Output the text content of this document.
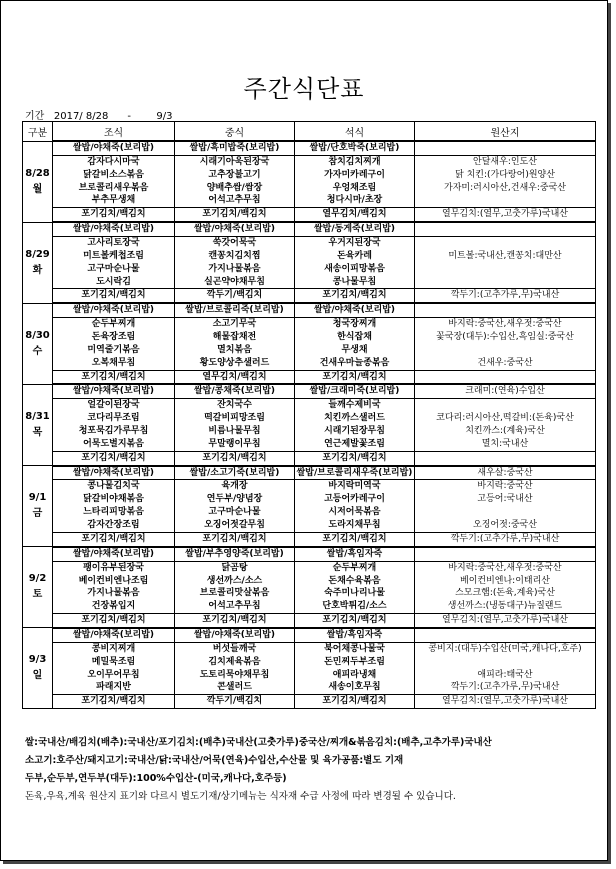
주간식단표
기간   2017/ 8/28      -        9/3
구분	조식	중식	석식	원산지

8/28
월	쌀밥/야채죽(보리밥)	쌀밥/흑미밥죽(보리밥)	쌀밥/단호박죽(보리밥)	
	감자다시마국	시래기아욱된장국	참치김치찌개	안달새우:인도산
	닭갈비소스볶음	고추장불고기	가자미카레구이	닭 치킨:(가다랑어)원양산
	브로콜리새우볶음	양배추쌈/쌈장	우엉채조림	가자미:러시아산,건새우:중국산
	부추무생채	어석고추무침	청다시마/초장	
	포기김치/백김치	포기김치/백김치	열무김치/백김치	열무김치:(열무,고춧가루)국내산

8/29
화	쌀밥/야채죽(보리밥)	쌀밥/야채죽(보리밥)	쌀밥/동게죽(보리밥)	
	고사리토장국	쑥갓어묵국	우거지된장국	
	미트볼케첩조림	캔꽁치김치찜	돈육카레	미트볼:국내산,캔꽁치:대만산
	고구마순나물	가지나물볶음	새송이피망볶음	
	도시락김	실곤약야채무침	콩나물무침	
	포기김치/백김치	깍두기/백김치	포기김치/백김치	깍두기:(고추가루,무)국내산

8/30
수	쌀밥/야채죽(보리밥)	쌀밥/브로콜리죽(보리밥)	쌀밥/야채죽(보리밥)	
	순두부찌개	소고기무국	청국장찌개	바지락:중국산,새우젓:중국산
	돈육장조림	해물잡채전	한식잡채	꽃국장(대두):수입산,흑임실:중국산
	미역줄기볶음	멸치볶음	무생채	
	오복채무침	황도양상추샐러드	건새우마늘종볶음	건새우:중국산
	포기김치/백김치	열무김치/백김치	포기김치/백김치	

8/31
목	쌀밥/야채죽(보리밥)	쌀밥/콩채죽(보리밥)	쌀밥/크래미죽(보리밥)	크래미:(연육)수입산
	얼갈이된장국	잔치국수	들깨수제비국	
	코다리무조림	떡갈비피망조림	치킨까스샐러드	코다리:러시아산,떡갈비:(돈육)국산
	청포묵김가루무침	비름나물무침	시래기된장무침	치킨까스:(계육)국산
	어묵도별지볶음	무말랭이무침	연근제발꽃조림	멸치:국내산
	포기김치/백김치	포기김치/백김치	포기김치/백김치	

9/1
금	쌀밥/야채죽(보리밥)	쌀밥/소고기죽(보리밥)	쌀밥/브로콜리새우죽(보리밥)	새우살:중국산
	콩나물김치국	육개장	바지락미역국	바지락:중국산
	닭갈비야채볶음	연두부/양념장	고등어카레구이	고등어:국내산
	느타리피망볶음	고구마순나물	시저어묵볶음	
	감자간장조림	오징어젓갈무침	도라지채무침	오징어젓:중국산
	포기김치/백김치	포기김치/백김치	포기김치/백김치	깍두기:(고추가루,무)국내산

9/2
토	쌀밥/야채죽(보리밥)	쌀밥/부추영양죽(보리밥)	쌀밥/흑임자죽	
	팽이유부된장국	닭곰탕	순두부찌개	바지락:중국산,새우젓:중국산
	베이컨비엔나조림	생선까스/소스	돈채수육볶음	베이컨비엔나:이태리산
	가지나물볶음	브로콜리맛살볶음	숙주미나리나물	스모크햄:(돈육,계육)국산
	건장볶입지	어석고추무침	단호박튀김/소스	생선까스:(냉동대구)뉴질랜드
	포기김치/백김치	포기김치/백김치	포기김치/백김치	열무김치:(열무,고춧가루)국내산

9/3
일	쌀밥/야채죽(보리밥)	쌀밥/야채죽(보리밥)	쌀밥/흑임자죽	
	콩비지찌개	버섯들깨국	북어채콩나물국	콩비지:(대두)수입산(미국,캐나다,호주)
	메밀묵조림	김치제육볶음	돈민찌두부조림	
	오이무어무침	도토리묵야채무침	애피라냉채	애피라:태국산
	파래지반	콘샐러드	새송이호무침	깍두기:(고추가루,무)국내산
	포기김치/백김치	깍두기/백김치	포기김치/백김치	열무김치:(열무,고춧가루)국내산
쌀:국내산/배김치(배추):국내산/포기김치:(배추)국내산(고춧가루)중국산/찌개&볶음김치:(배추,고추가루)국내산
소고기:호주산/돼지고기:국내산/닭:국내산/어묵(연육)수입산,수산물 및 육가공품:별도 기재
두부,순두부,연두부(대두):100%수입산-(미국,캐나다,호주등)
돈육,우육,계육 원산지 표기와 다르시 별도기재/상기메뉴는 식자재 수급 사정에 따라 변경될 수 있습니다.
